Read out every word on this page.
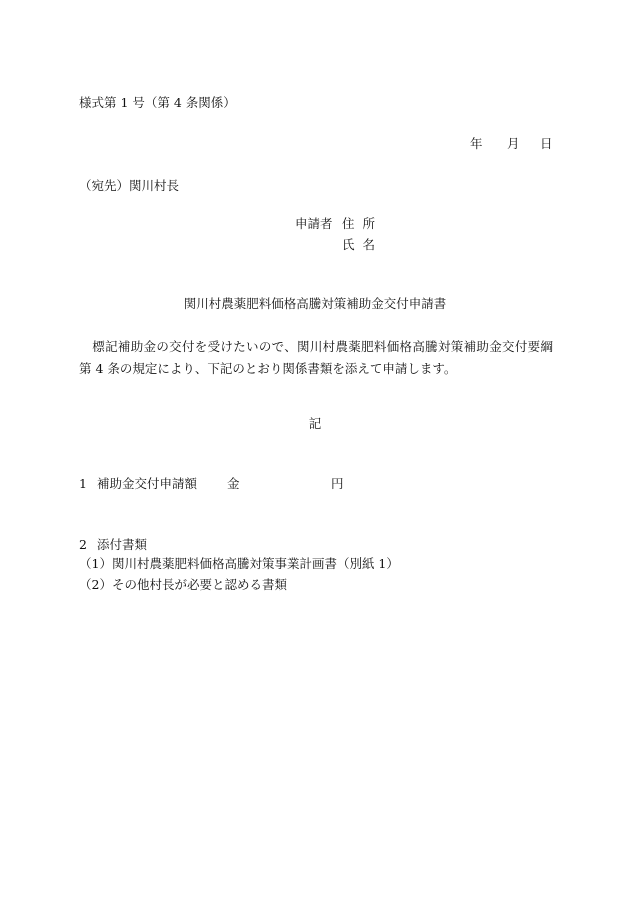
様式第 1 号（第 4 条関係）
年 月 日
（宛先）関川村長
申請者 住所
氏名
関川村農薬肥料価格高騰対策補助金交付申請書
標記補助金の交付を受けたいので、関川村農薬肥料価格高騰対策補助金交付要綱第 4 条の規定により、下記のとおり関係書類を添えて申請します。
記
1 補助金交付申請額 金	円
2 添付書類
（1）関川村農薬肥料価格高騰対策事業計画書（別紙 1）
（2）その他村長が必要と認める書類
